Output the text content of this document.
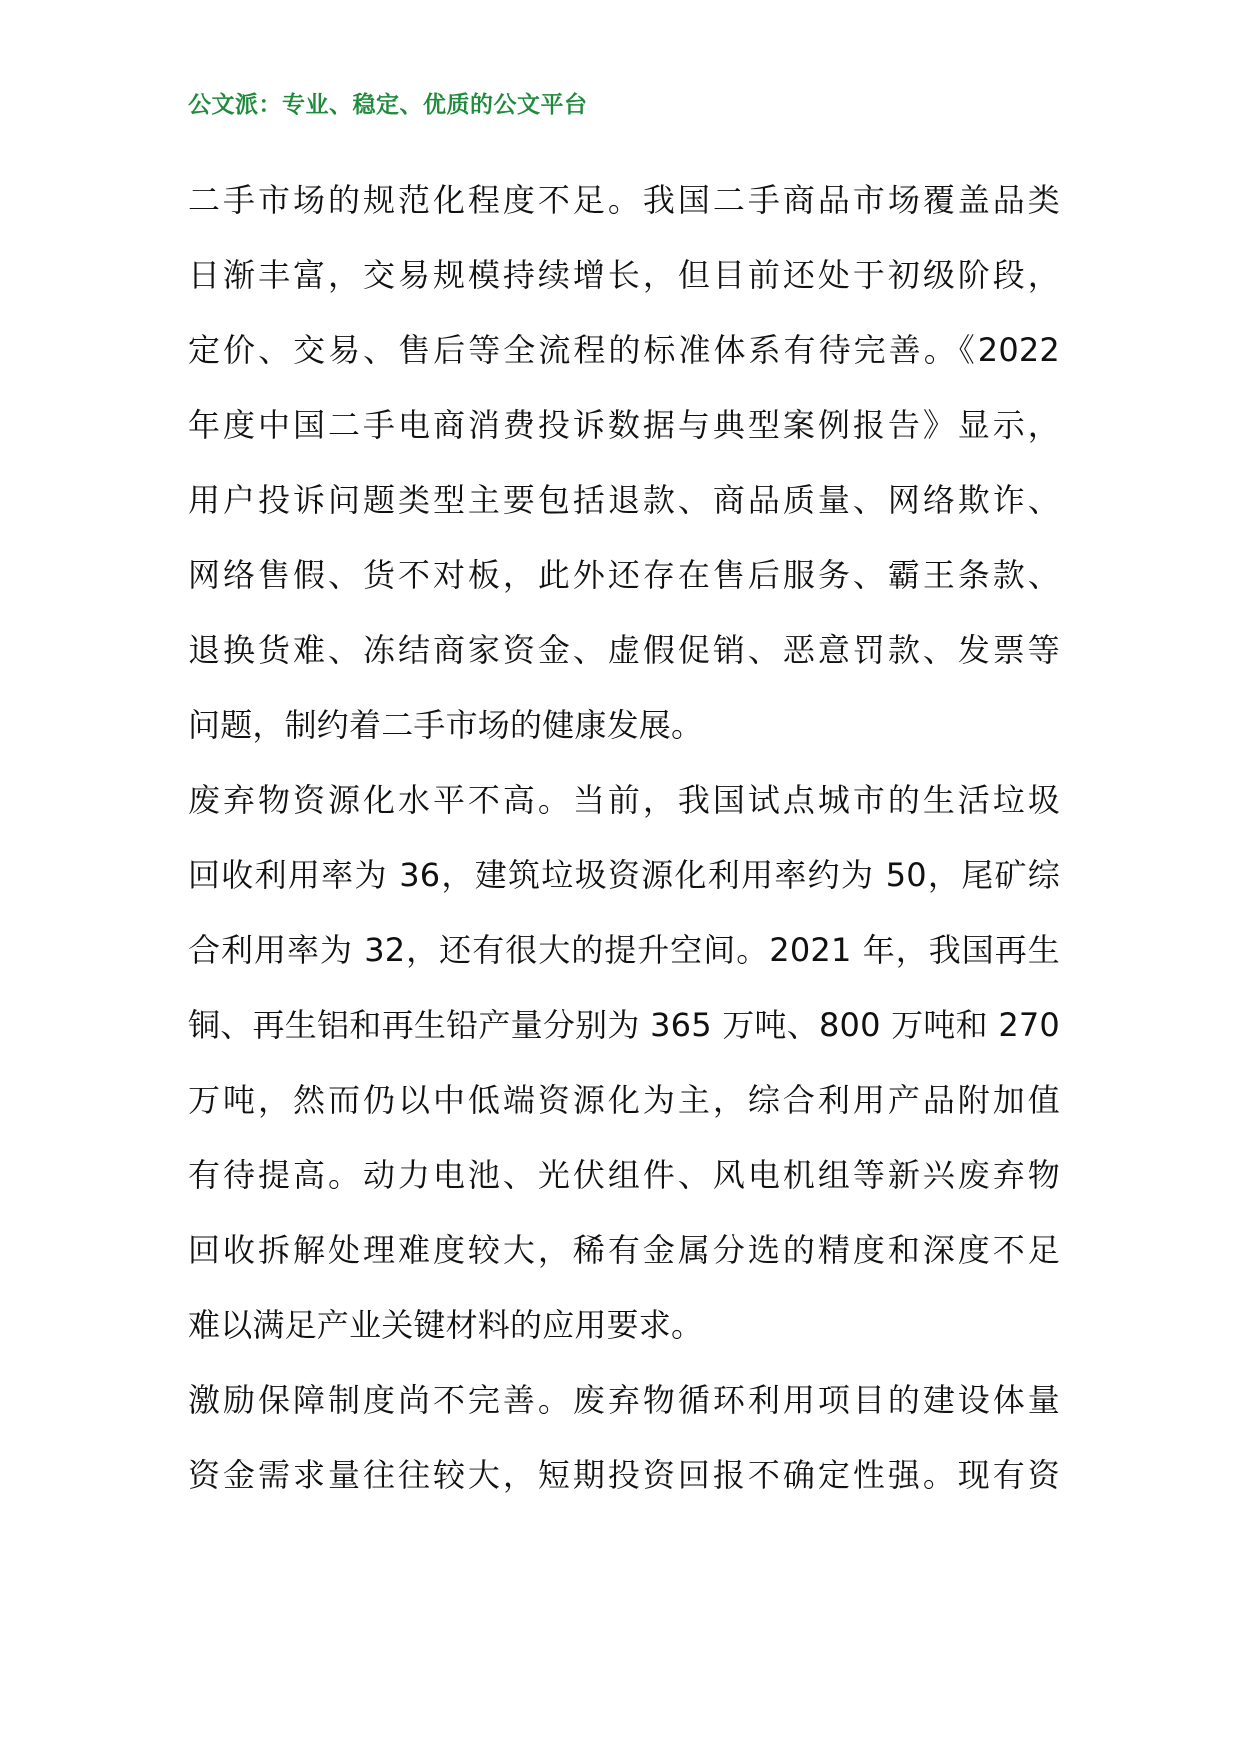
公文派：专业、稳定、优质的公文平台
二手市场的规范化程度不足。我国二手商品市场覆盖品类
日渐丰富，交易规模持续增长，但目前还处于初级阶段，
定价、交易、售后等全流程的标准体系有待完善。《2022
年度中国二手电商消费投诉数据与典型案例报告》显示，
用户投诉问题类型主要包括退款、商品质量、网络欺诈、
网络售假、货不对板，此外还存在售后服务、霸王条款、
退换货难、冻结商家资金、虚假促销、恶意罚款、发票等
问题，制约着二手市场的健康发展。
废弃物资源化水平不高。当前，我国试点城市的生活垃圾
回收利用率为 36，建筑垃圾资源化利用率约为 50，尾矿综
合利用率为 32，还有很大的提升空间。2021 年，我国再生
铜、再生铝和再生铅产量分别为 365 万吨、800 万吨和 270
万吨，然而仍以中低端资源化为主，综合利用产品附加值
有待提高。动力电池、光伏组件、风电机组等新兴废弃物
回收拆解处理难度较大，稀有金属分选的精度和深度不足
难以满足产业关键材料的应用要求。
激励保障制度尚不完善。废弃物循环利用项目的建设体量
资金需求量往往较大，短期投资回报不确定性强。现有资
